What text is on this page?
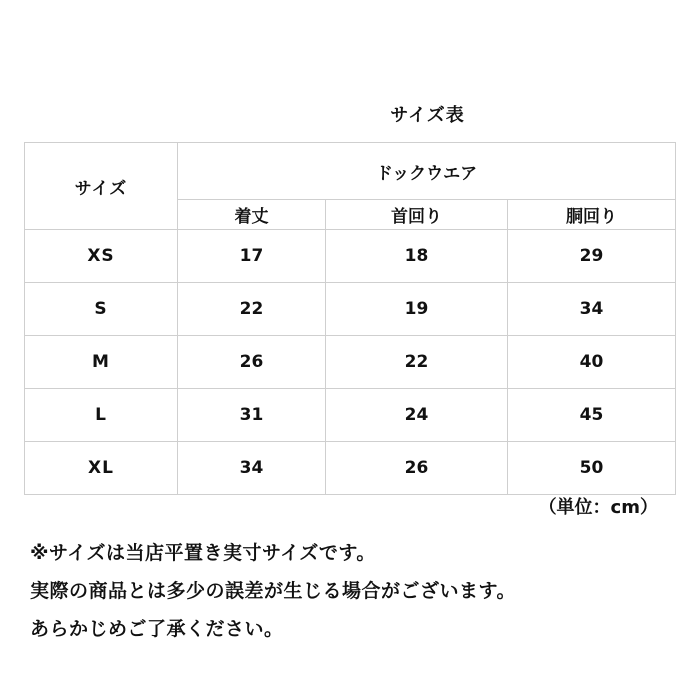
サイズ表
サイズ	ドックウエア		
	着丈	首回り	胴回り
XS	17	18	29
S	22	19	34
M	26	22	40
L	31	24	45
XL	34	26	50
（単位：cm）
※サイズは当店平置き実寸サイズです。
実際の商品とは多少の誤差が生じる場合がございます。
あらかじめご了承ください。
